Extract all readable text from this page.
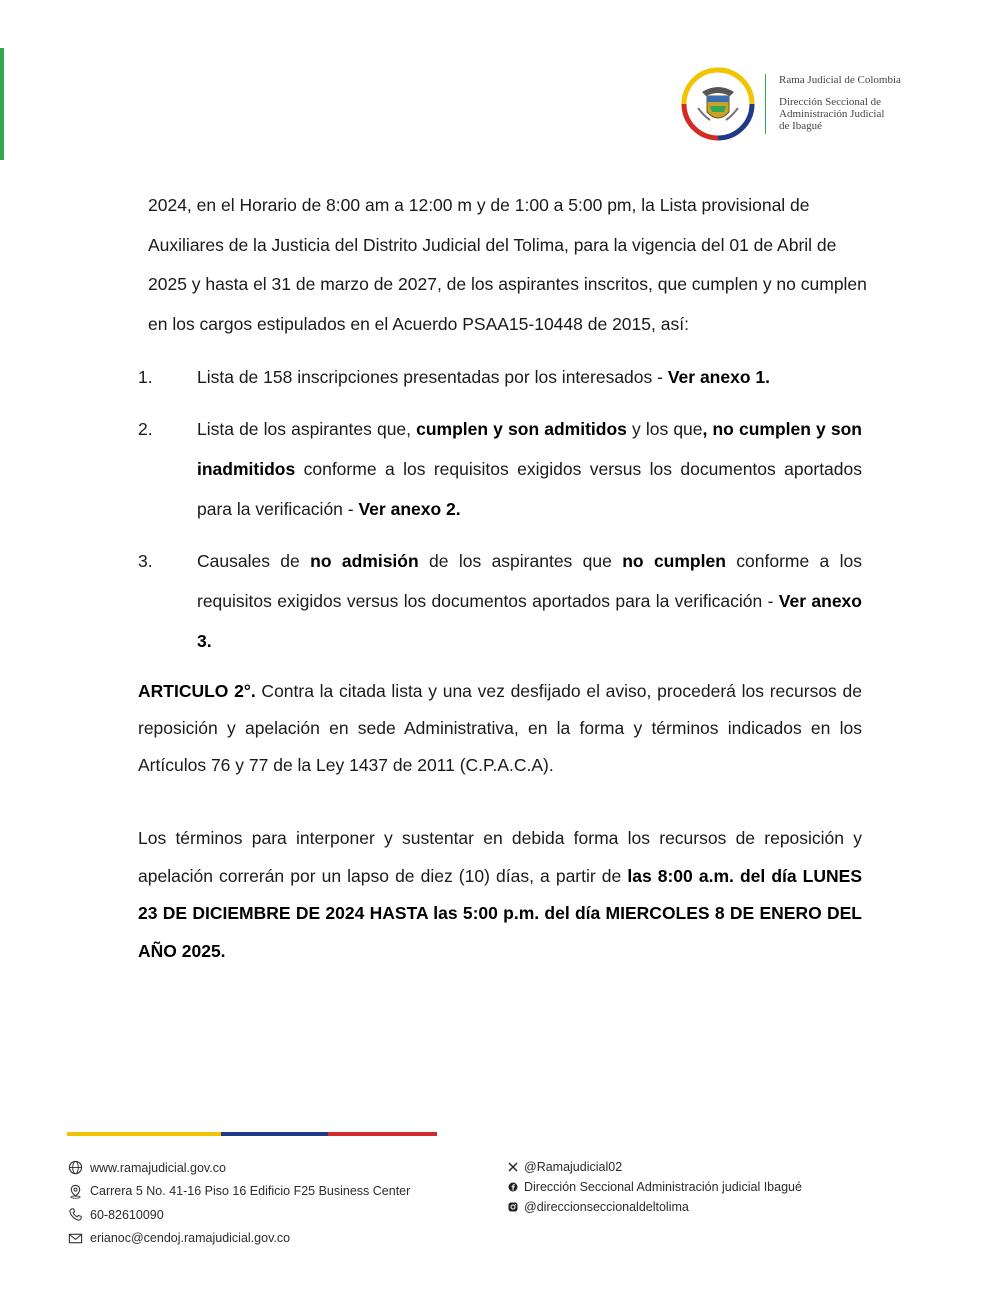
Rama Judicial de Colombia
Dirección Seccional de
Administración Judicial
de Ibagué
2024, en el Horario de 8:00 am a 12:00 m y de 1:00 a 5:00 pm, la Lista provisional de Auxiliares de la Justicia del Distrito Judicial del Tolima, para la vigencia del 01 de Abril de 2025 y hasta el 31 de marzo de 2027, de los aspirantes inscritos, que cumplen y no cumplen en los cargos estipulados en el Acuerdo PSAA15-10448 de 2015, así:
1.	Lista de 158 inscripciones presentadas por los interesados - Ver anexo 1.
2.	Lista de los aspirantes que, cumplen y son admitidos y los que, no cumplen y son inadmitidos conforme a los requisitos exigidos versus los documentos aportados para la verificación - Ver anexo 2.
3.	Causales de no admisión de los aspirantes que no cumplen conforme a los requisitos exigidos versus los documentos aportados para la verificación - Ver anexo 3.
ARTICULO 2°. Contra la citada lista y una vez desfijado el aviso, procederá los recursos de reposición y apelación en sede Administrativa, en la forma y términos indicados en los Artículos 76 y 77 de la Ley 1437 de 2011 (C.P.A.C.A).
Los términos para interponer y sustentar en debida forma los recursos de reposición y apelación correrán por un lapso de diez (10) días, a partir de las 8:00 a.m. del día LUNES 23 DE DICIEMBRE DE 2024 HASTA las 5:00 p.m. del día MIERCOLES 8 DE ENERO DEL AÑO 2025.
www.ramajudicial.gov.co
Carrera 5 No. 41-16 Piso 16 Edificio F25 Business Center
60-82610090
erianoc@cendoj.ramajudicial.gov.co
@Ramajudicial02
Dirección Seccional Administración judicial Ibagué
@direccionseccionaldeltolima
